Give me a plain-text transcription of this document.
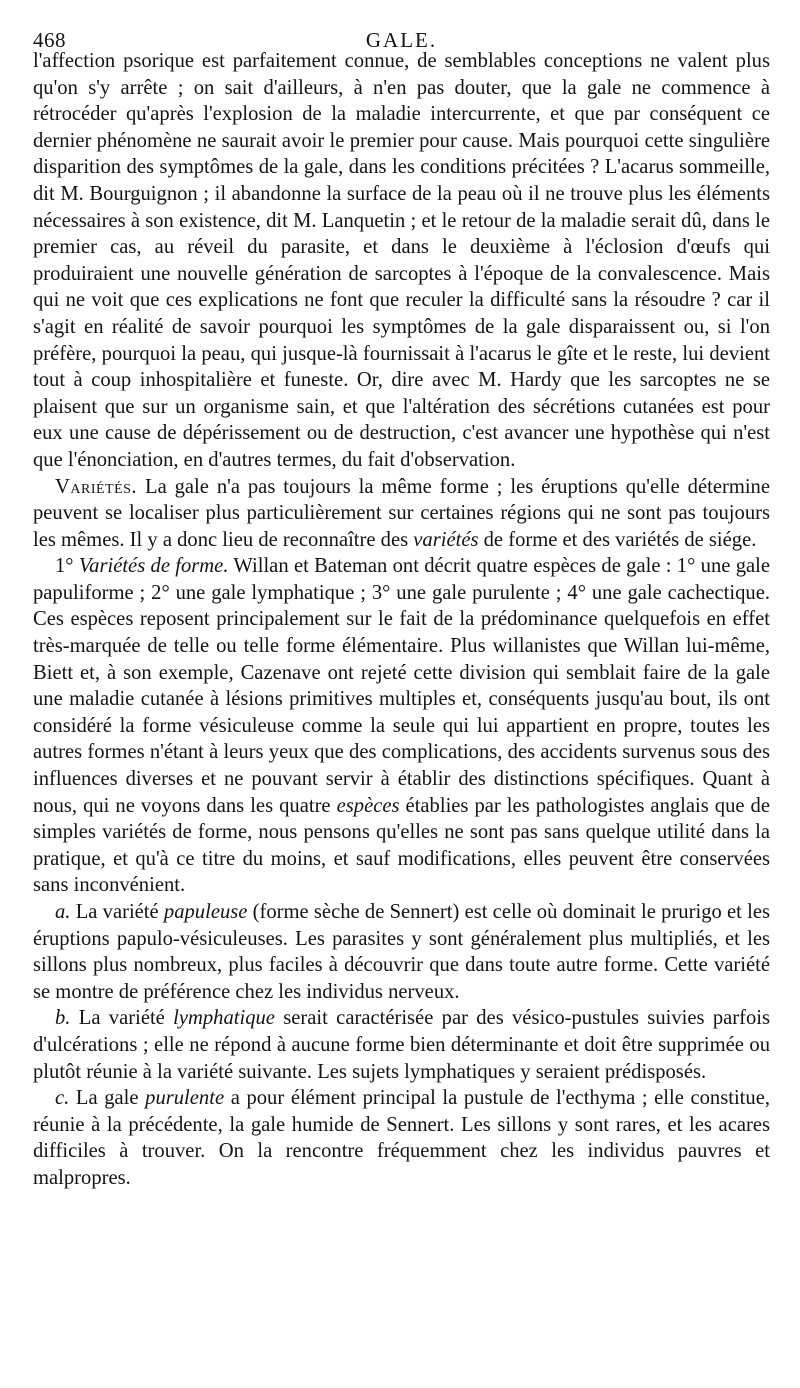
468	GALE.

l'affection psorique est parfaitement connue, de semblables conceptions ne valent plus qu'on s'y arrête ; on sait d'ailleurs, à n'en pas douter, que la gale ne commence à rétrocéder qu'après l'explosion de la maladie intercurrente, et que par conséquent ce dernier phénomène ne saurait avoir le premier pour cause. Mais pourquoi cette singulière disparition des symptômes de la gale, dans les conditions précitées ? L'acarus sommeille, dit M. Bourguignon ; il abandonne la surface de la peau où il ne trouve plus les éléments nécessaires à son existence, dit M. Lanquetin ; et le retour de la maladie serait dû, dans le premier cas, au réveil du parasite, et dans le deuxième à l'éclosion d'œufs qui produiraient une nouvelle génération de sarcoptes à l'époque de la convalescence. Mais qui ne voit que ces explications ne font que reculer la difficulté sans la résoudre ? car il s'agit en réalité de savoir pourquoi les symptômes de la gale disparaissent ou, si l'on préfère, pourquoi la peau, qui jusque-là fournissait à l'acarus le gîte et le reste, lui devient tout à coup inhospitalière et funeste. Or, dire avec M. Hardy que les sarcoptes ne se plaisent que sur un organisme sain, et que l'altération des sécrétions cutanées est pour eux une cause de dépérissement ou de destruction, c'est avancer une hypothèse qui n'est que l'énonciation, en d'autres termes, du fait d'observation.

Variétés. La gale n'a pas toujours la même forme ; les éruptions qu'elle détermine peuvent se localiser plus particulièrement sur certaines régions qui ne sont pas toujours les mêmes. Il y a donc lieu de reconnaître des variétés de forme et des variétés de siége.

1° Variétés de forme. Willan et Bateman ont décrit quatre espèces de gale : 1° une gale papuliforme ; 2° une gale lymphatique ; 3° une gale purulente ; 4° une gale cachectique. Ces espèces reposent principalement sur le fait de la prédominance quelquefois en effet très-marquée de telle ou telle forme élémentaire. Plus willanistes que Willan lui-même, Biett et, à son exemple, Cazenave ont rejeté cette division qui semblait faire de la gale une maladie cutanée à lésions primitives multiples et, conséquents jusqu'au bout, ils ont considéré la forme vésiculeuse comme la seule qui lui appartient en propre, toutes les autres formes n'étant à leurs yeux que des complications, des accidents survenus sous des influences diverses et ne pouvant servir à établir des distinctions spécifiques. Quant à nous, qui ne voyons dans les quatre espèces établies par les pathologistes anglais que de simples variétés de forme, nous pensons qu'elles ne sont pas sans quelque utilité dans la pratique, et qu'à ce titre du moins, et sauf modifications, elles peuvent être conservées sans inconvénient.

a. La variété papuleuse (forme sèche de Sennert) est celle où dominait le prurigo et les éruptions papulo-vésiculeuses. Les parasites y sont généralement plus multipliés, et les sillons plus nombreux, plus faciles à découvrir que dans toute autre forme. Cette variété se montre de préférence chez les individus nerveux.

b. La variété lymphatique serait caractérisée par des vésico-pustules suivies parfois d'ulcérations ; elle ne répond à aucune forme bien déterminante et doit être supprimée ou plutôt réunie à la variété suivante. Les sujets lymphatiques y seraient prédisposés.

c. La gale purulente a pour élément principal la pustule de l'ecthyma ; elle constitue, réunie à la précédente, la gale humide de Sennert. Les sillons y sont rares, et les acares difficiles à trouver. On la rencontre fréquemment chez les individus pauvres et malpropres.
